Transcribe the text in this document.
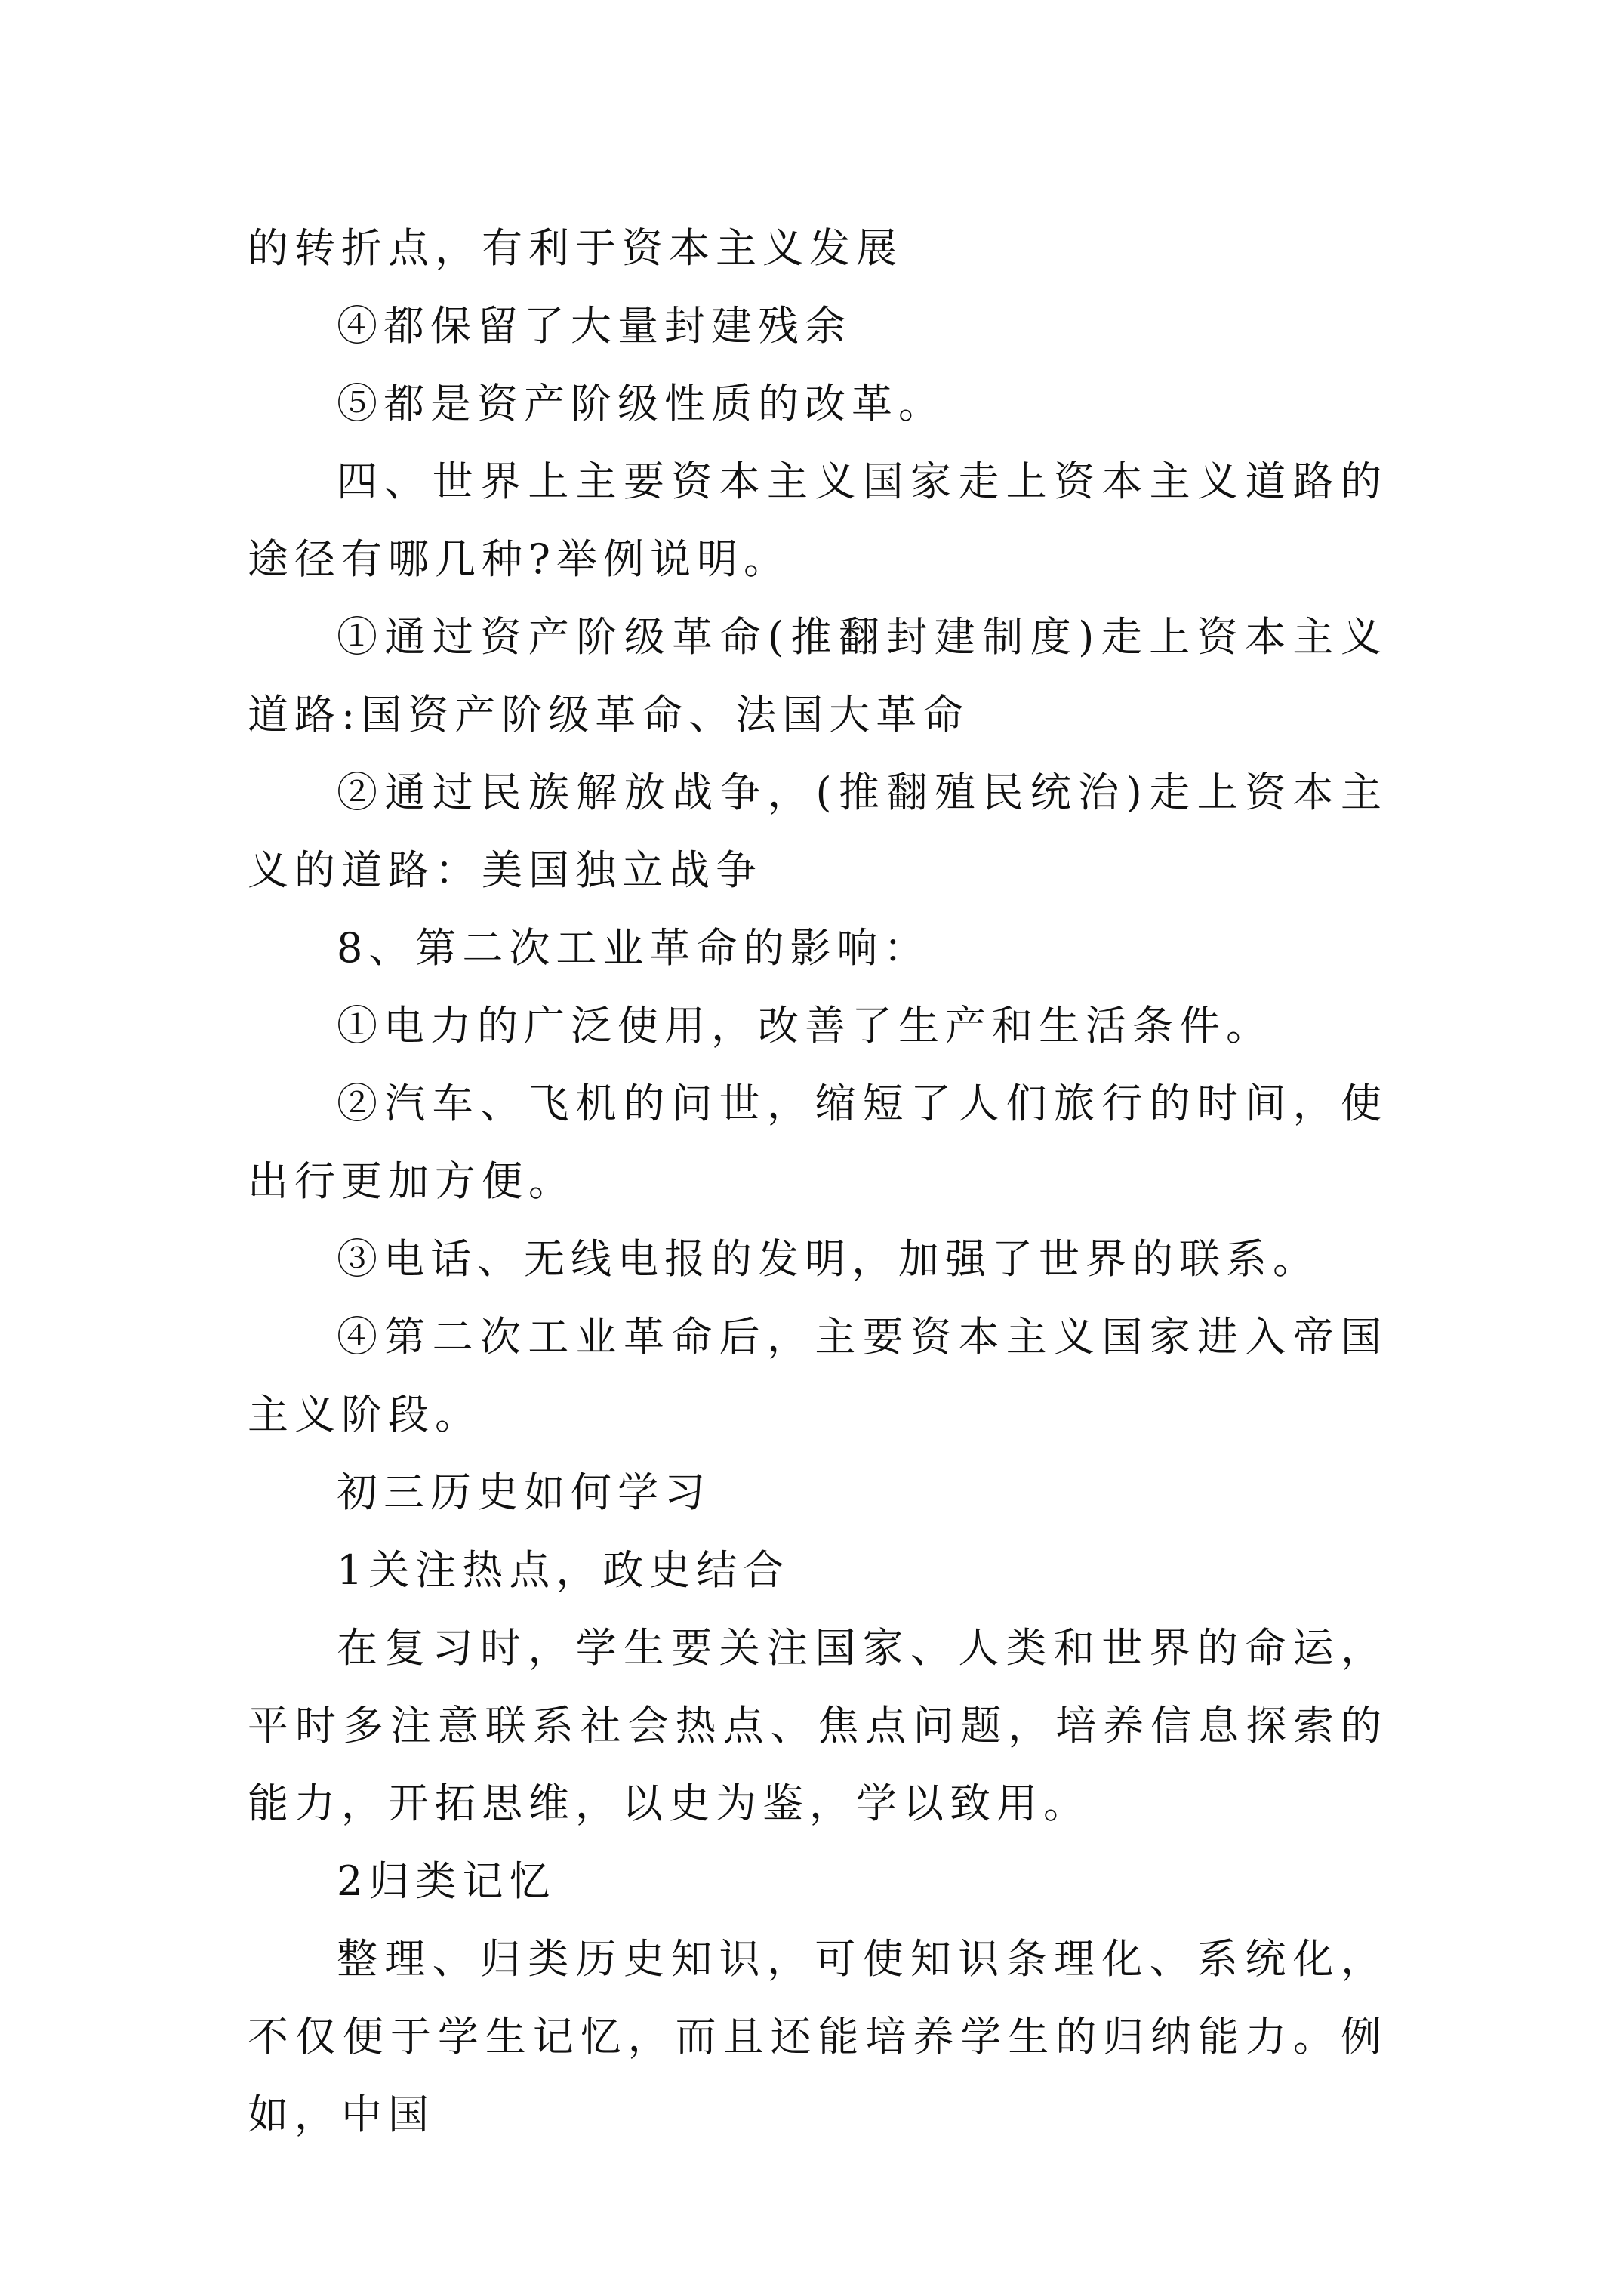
的转折点，有利于资本主义发展

④都保留了大量封建残余

⑤都是资产阶级性质的改革。

四、世界上主要资本主义国家走上资本主义道路的途径有哪几种?举例说明。

①通过资产阶级革命(推翻封建制度)走上资本主义道路:国资产阶级革命、法国大革命

②通过民族解放战争，(推翻殖民统治)走上资本主义的道路：美国独立战争

8、第二次工业革命的影响：

①电力的广泛使用，改善了生产和生活条件。

②汽车、飞机的问世，缩短了人们旅行的时间，使出行更加方便。

③电话、无线电报的发明，加强了世界的联系。

④第二次工业革命后，主要资本主义国家进入帝国主义阶段。

初三历史如何学习

1关注热点，政史结合

在复习时，学生要关注国家、人类和世界的命运，平时多注意联系社会热点、焦点问题，培养信息探索的能力，开拓思维，以史为鉴，学以致用。

2归类记忆

整理、归类历史知识，可使知识条理化、系统化，不仅便于学生记忆，而且还能培养学生的归纳能力。例如，中国
